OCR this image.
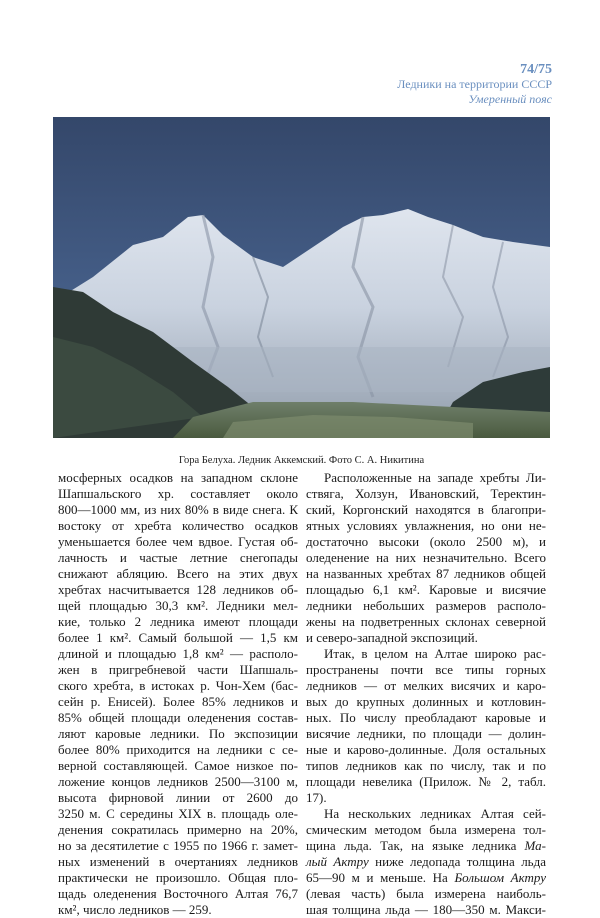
74/75
Ледники на территории СССР
Умеренный пояс
Гора Белуха. Ледник Аккемский. Фото С. А. Никитина

мосферных осадков на западном склоне
Шапшальского хр. составляет около
800—1000 мм, из них 80% в виде снега. К
востоку от хребта количество осадков
уменьшается более чем вдвое. Густая об-
лачность и частые летние снегопады
снижают абляцию. Всего на этих двух
хребтах насчитывается 128 ледников об-
щей площадью 30,3 км². Ледники мел-
кие, только 2 ледника имеют площади
более 1 км². Самый большой — 1,5 км
длиной и площадью 1,8 км² — располо-
жен в пригребневой части Шапшаль-
ского хребта, в истоках р. Чон-Хем (бас-
сейн р. Енисей). Более 85% ледников и
85% общей площади оледенения состав-
ляют каровые ледники. По экспозиции
более 80% приходится на ледники с се-
верной составляющей. Самое низкое по-
ложение концов ледников 2500—3100 м,
высота фирновой линии от 2600 до
3250 м. С середины XIX в. площадь оле-
денения сократилась примерно на 20%,
но за десятилетие с 1955 по 1966 г. замет-
ных изменений в очертаниях ледников
практически не произошло. Общая пло-
щадь оледенения Восточного Алтая 76,7
км², число ледников — 259.

Расположенные на западе хребты Ли-
ствяга, Холзун, Ивановский, Теректин-
ский, Коргонский находятся в благопри-
ятных условиях увлажнения, но они не-
достаточно высоки (около 2500 м), и
оледенение на них незначительно. Всего
на названных хребтах 87 ледников общей
площадью 6,1 км². Каровые и висячие
ледники небольших размеров располо-
жены на подветренных склонах северной
и северо-западной экспозиций.

Итак, в целом на Алтае широко рас-
пространены почти все типы горных
ледников — от мелких висячих и каро-
вых до крупных долинных и котловин-
ных. По числу преобладают каровые и
висячие ледники, по площади — долин-
ные и карово-долинные. Доля остальных
типов ледников как по числу, так и по
площади невелика (Прилож. № 2, табл.
17).

На нескольких ледниках Алтая сей-
смическим методом была измерена тол-
щина льда. Так, на языке ледника Ма-
лый Актру ниже ледопада толщина льда
65—90 м и меньше. На Большом Актру
(левая часть) была измерена наиболь-
шая толщина льда — 180—350 м. Макси-
